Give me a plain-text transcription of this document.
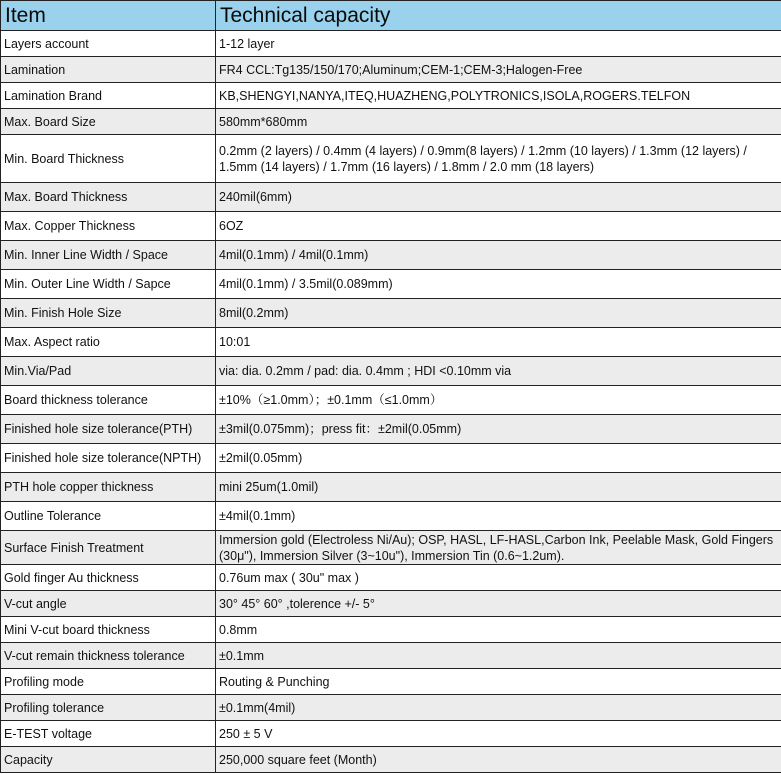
Item	Technical capacity
Layers account	1-12 layer
Lamination	FR4 CCL:Tg135/150/170;Aluminum;CEM-1;CEM-3;Halogen-Free
Lamination Brand	KB,SHENGYI,NANYA,ITEQ,HUAZHENG,POLYTRONICS,ISOLA,ROGERS.TELFON
Max. Board Size	580mm*680mm
Min. Board Thickness	0.2mm (2 layers) / 0.4mm (4 layers) / 0.9mm(8 layers) / 1.2mm (10 layers) / 1.3mm (12 layers) / 1.5mm (14 layers) / 1.7mm (16 layers) / 1.8mm / 2.0 mm (18 layers)
Max. Board Thickness	240mil(6mm)
Max. Copper Thickness	6OZ
Min. Inner Line Width / Space	4mil(0.1mm) / 4mil(0.1mm)
Min. Outer Line Width / Sapce	4mil(0.1mm) / 3.5mil(0.089mm)
Min. Finish Hole Size	8mil(0.2mm)
Max. Aspect ratio	10:01
Min.Via/Pad	via: dia. 0.2mm / pad: dia. 0.4mm ; HDI <0.10mm via
Board thickness tolerance	±10%（≥1.0mm）；±0.1mm（≤1.0mm）
Finished hole size tolerance(PTH)	±3mil(0.075mm)；press fit：±2mil(0.05mm)
Finished hole size tolerance(NPTH)	±2mil(0.05mm)
PTH hole copper thickness	mini 25um(1.0mil)
Outline Tolerance	±4mil(0.1mm)
Surface Finish Treatment	Immersion gold (Electroless Ni/Au); OSP, HASL, LF-HASL,Carbon Ink, Peelable Mask, Gold Fingers (30μ"), Immersion Silver (3~10u"), Immersion Tin (0.6~1.2um).
Gold finger Au thickness	0.76um max ( 30u" max )
V-cut angle	30° 45° 60° ,tolerence +/- 5°
Mini V-cut board thickness	0.8mm
V-cut remain thickness tolerance	±0.1mm
Profiling mode	Routing & Punching
Profiling tolerance	±0.1mm(4mil)
E-TEST voltage	250 ± 5 V
Capacity	250,000 square feet (Month)
